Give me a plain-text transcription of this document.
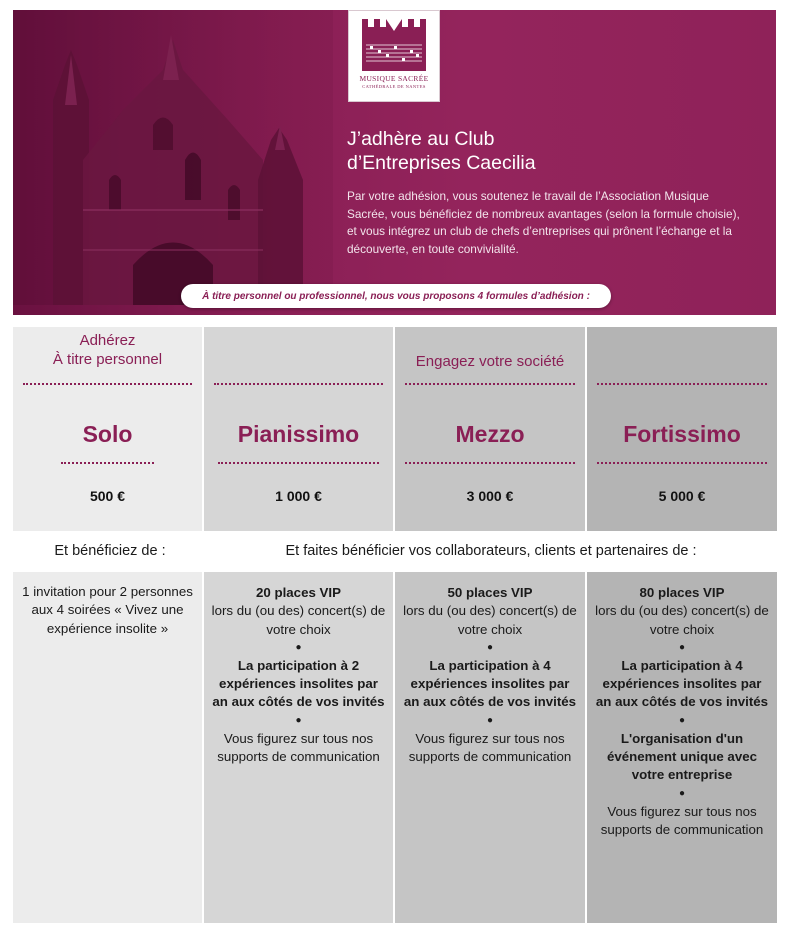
MUSIQUE SACRÉE
CATHÉDRALE DE NANTES
J’adhère au Club
d’Entreprises Caecilia
Par votre adhésion, vous soutenez le travail de l’Association Musique Sacrée, vous bénéficiez de nombreux avantages (selon la formule choisie), et vous intégrez un club de chefs d’entreprises qui prônent l’échange et la découverte, en toute convivialité.
À titre personnel ou professionnel, nous vous proposons 4 formules d’adhésion :
Adhérez
À titre personnel
Solo
500 €
Pianissimo
1 000 €
Engagez votre société
Mezzo
3 000 €
Fortissimo
5 000 €
Et bénéficiez de :	Et faites bénéficier vos collaborateurs, clients et partenaires de :
1 invitation pour 2 personnes aux 4 soirées « Vivez une expérience insolite »

20 places VIP

lors du (ou des) concert(s) de votre choix

●

La participation à 2 expériences insolites par an aux côtés de vos invités

●

Vous figurez sur tous nos supports de communication

50 places VIP

lors du (ou des) concert(s) de votre choix

●

La participation à 4 expériences insolites par an aux côtés de vos invités

●

Vous figurez sur tous nos supports de communication

80 places VIP

lors du (ou des) concert(s) de votre choix

●

La participation à 4 expériences insolites par an aux côtés de vos invités

●

L'organisation d'un événement unique avec votre entreprise

●

Vous figurez sur tous nos supports de communication
